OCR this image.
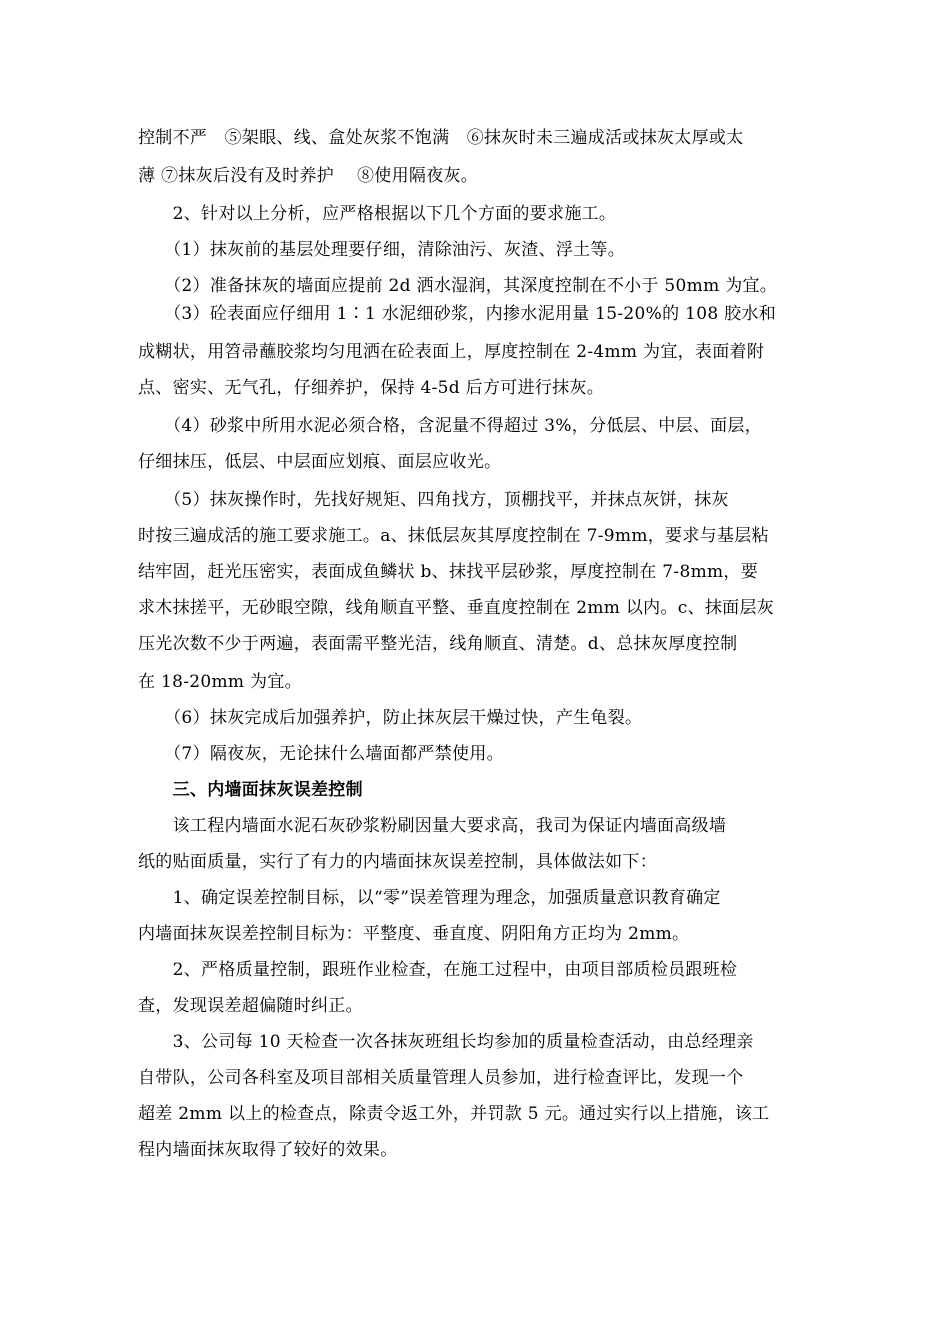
控制不严　⑤架眼、线、盒处灰浆不饱满　⑥抹灰时未三遍成活或抹灰太厚或太
薄 ⑦抹灰后没有及时养护　 ⑧使用隔夜灰。
　　2、针对以上分析，应严格根据以下几个方面的要求施工。
　　（1）抹灰前的基层处理要仔细，清除油污、灰渣、浮土等。
　　（2）准备抹灰的墙面应提前 2d 洒水湿润，其深度控制在不小于 50mm 为宜。
　　（3）砼表面应仔细用 1∶1 水泥细砂浆，内掺水泥用量 15-20%的 108 胶水和
成糊状，用笤帚蘸胶浆均匀甩洒在砼表面上，厚度控制在 2-4mm 为宜，表面着附
点、密实、无气孔，仔细养护，保持 4-5d 后方可进行抹灰。
　　（4）砂浆中所用水泥必须合格，含泥量不得超过 3%，分低层、中层、面层，
仔细抹压，低层、中层面应划痕、面层应收光。
　　（5）抹灰操作时，先找好规矩、四角找方，顶棚找平，并抹点灰饼，抹灰
时按三遍成活的施工要求施工。a、抹低层灰其厚度控制在 7-9mm，要求与基层粘
结牢固，赶光压密实，表面成鱼鳞状 b、抹找平层砂浆，厚度控制在 7-8mm，要
求木抹搓平，无砂眼空隙，线角顺直平整、垂直度控制在 2mm 以内。c、抹面层灰
压光次数不少于两遍，表面需平整光洁，线角顺直、清楚。d、总抹灰厚度控制
在 18-20mm 为宜。
　　（6）抹灰完成后加强养护，防止抹灰层干燥过快，产生龟裂。
　　（7）隔夜灰，无论抹什么墙面都严禁使用。
　　三、内墙面抹灰误差控制
　　该工程内墙面水泥石灰砂浆粉刷因量大要求高，我司为保证内墙面高级墙
纸的贴面质量，实行了有力的内墙面抹灰误差控制，具体做法如下：
　　1、确定误差控制目标，以“零”误差管理为理念，加强质量意识教育确定
内墙面抹灰误差控制目标为：平整度、垂直度、阴阳角方正均为 2mm。
　　2、严格质量控制，跟班作业检查，在施工过程中，由项目部质检员跟班检
查，发现误差超偏随时纠正。
　　3、公司每 10 天检查一次各抹灰班组长均参加的质量检查活动，由总经理亲
自带队，公司各科室及项目部相关质量管理人员参加，进行检查评比，发现一个
超差 2mm 以上的检查点，除责令返工外，并罚款 5 元。通过实行以上措施，该工
程内墙面抹灰取得了较好的效果。
